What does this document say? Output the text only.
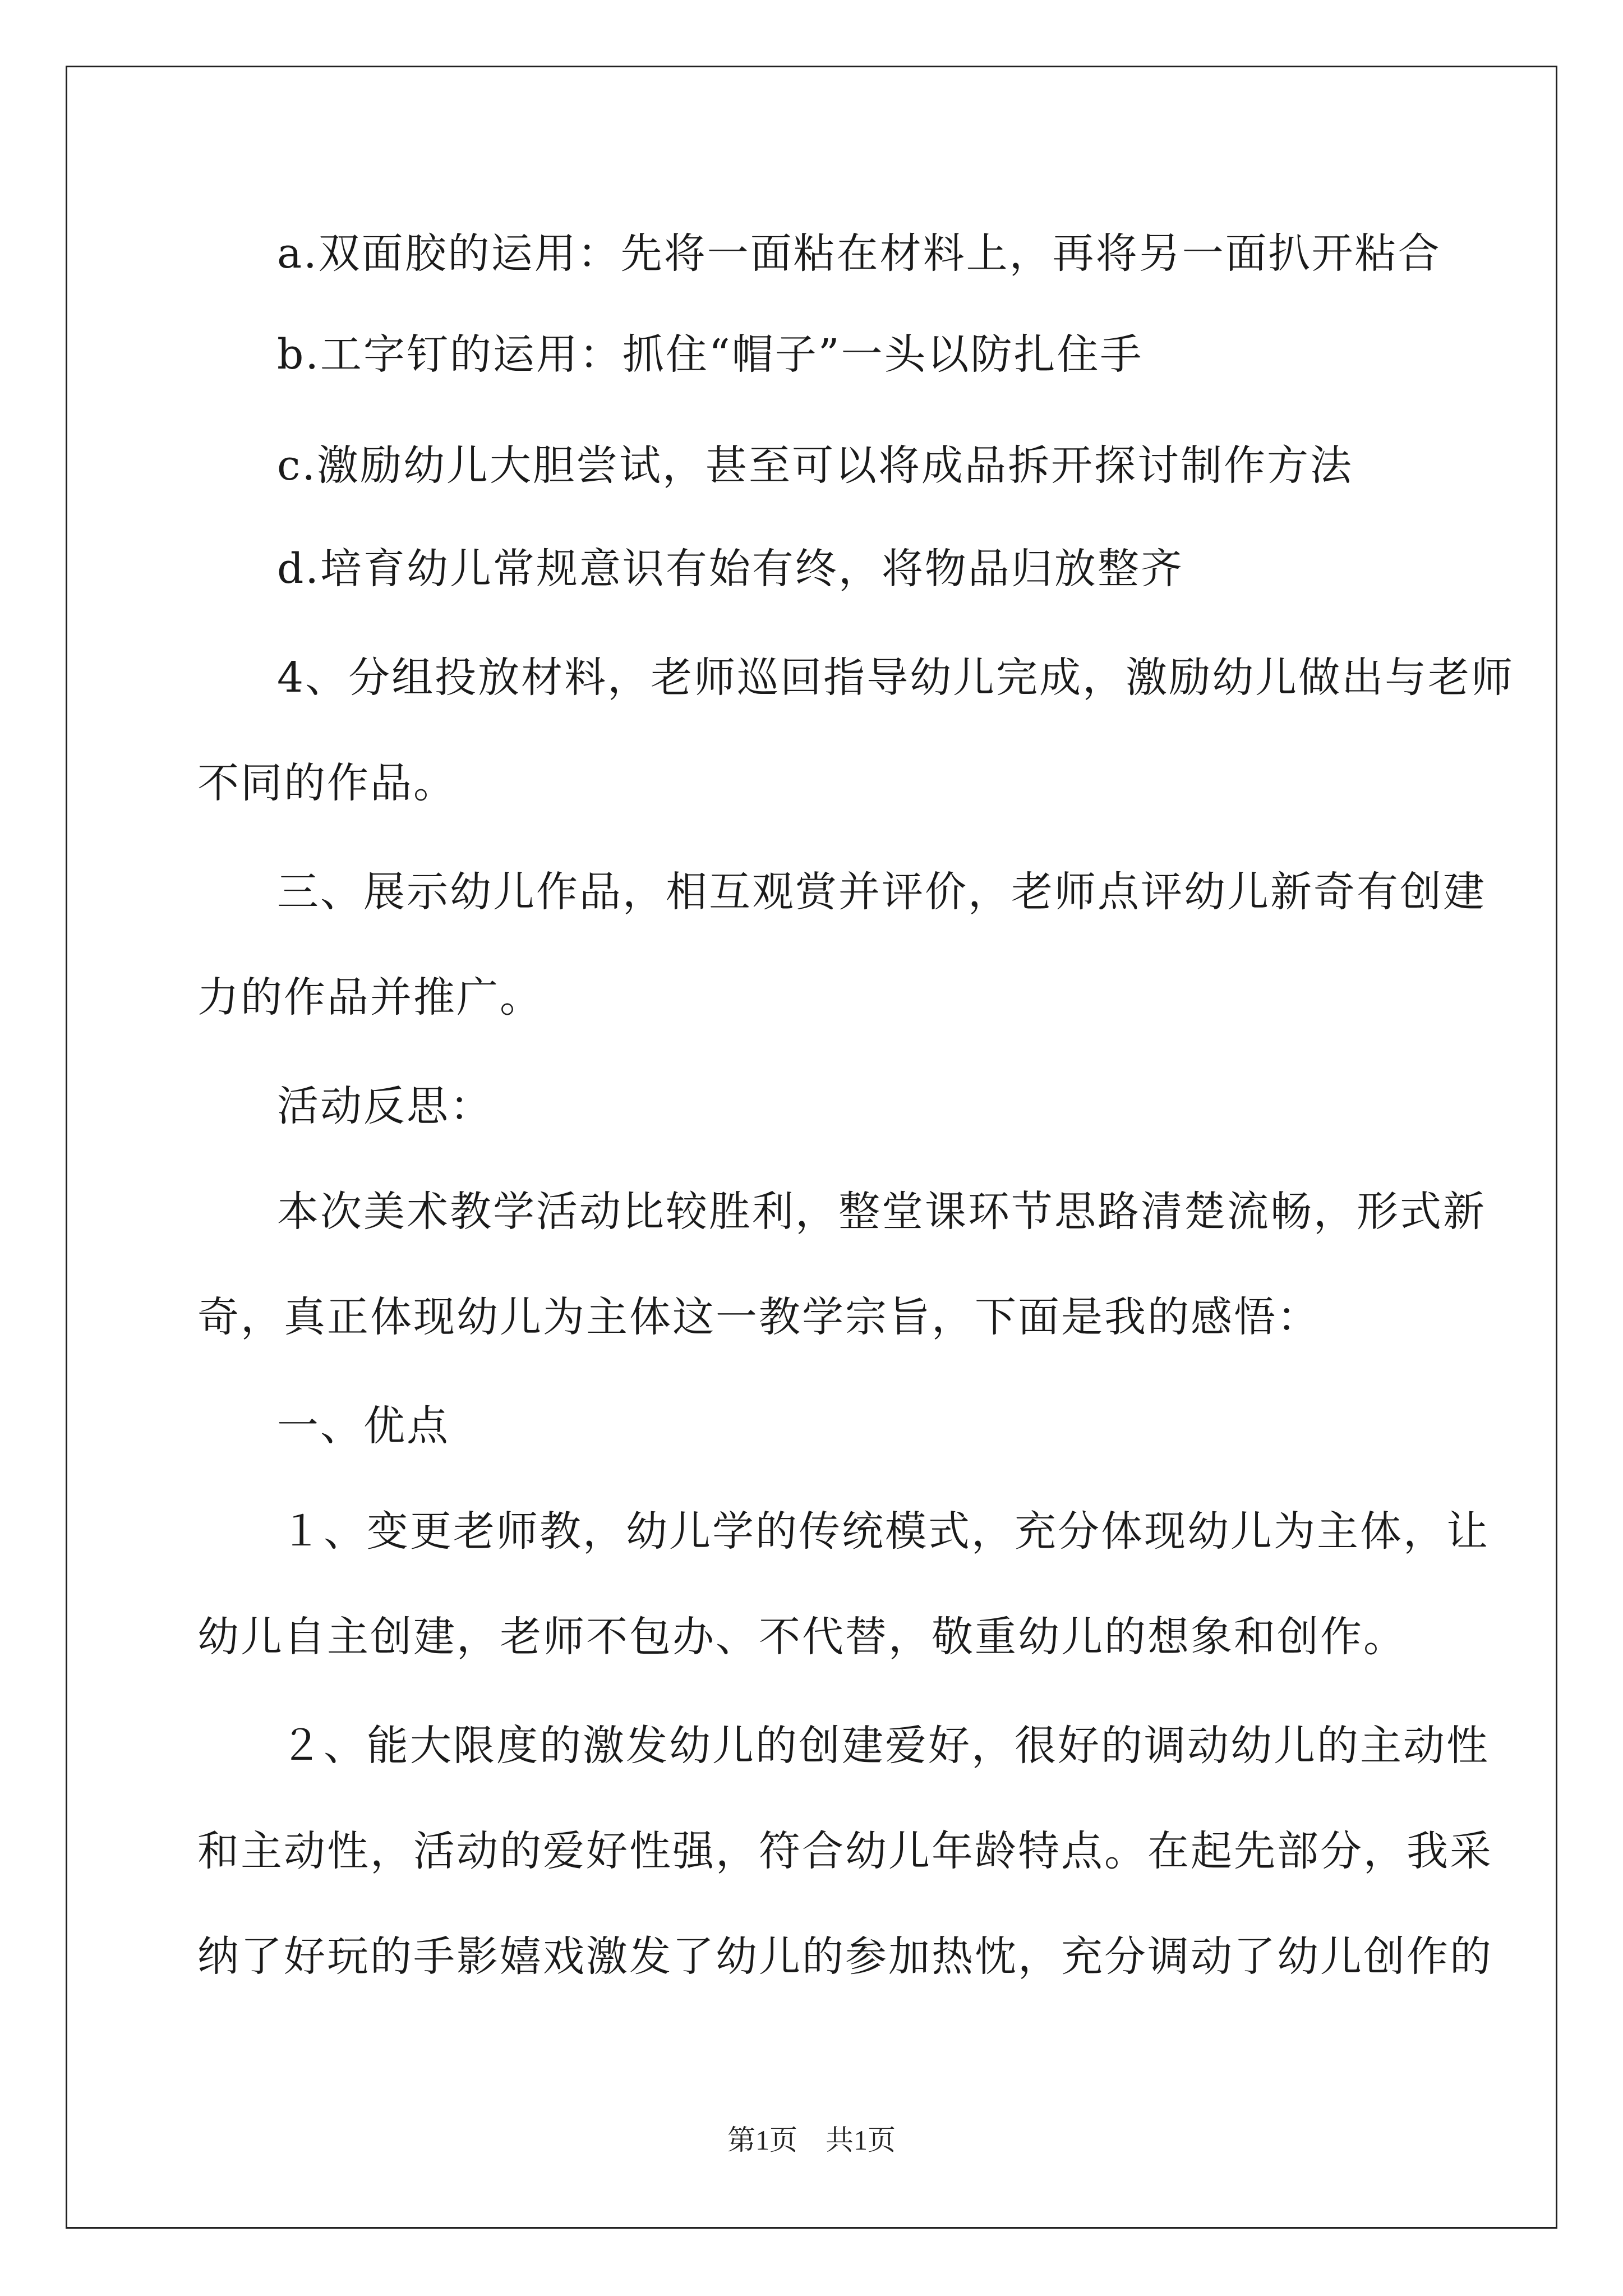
a.双面胶的运用：先将一面粘在材料上，再将另一面扒开粘合
b.工字钉的运用：抓住“帽子”一头以防扎住手
c.激励幼儿大胆尝试，甚至可以将成品拆开探讨制作方法
d.培育幼儿常规意识有始有终，将物品归放整齐
4、分组投放材料，老师巡回指导幼儿完成，激励幼儿做出与老师
不同的作品。
三、展示幼儿作品，相互观赏并评价，老师点评幼儿新奇有创建
力的作品并推广。
活动反思：
本次美术教学活动比较胜利，整堂课环节思路清楚流畅，形式新
奇，真正体现幼儿为主体这一教学宗旨，下面是我的感悟：
一、优点
１、变更老师教，幼儿学的传统模式，充分体现幼儿为主体，让
幼儿自主创建，老师不包办、不代替，敬重幼儿的想象和创作。
２、能大限度的激发幼儿的创建爱好，很好的调动幼儿的主动性
和主动性，活动的爱好性强，符合幼儿年龄特点。在起先部分，我采
纳了好玩的手影嬉戏激发了幼儿的参加热忱，充分调动了幼儿创作的
第1页　共1页
